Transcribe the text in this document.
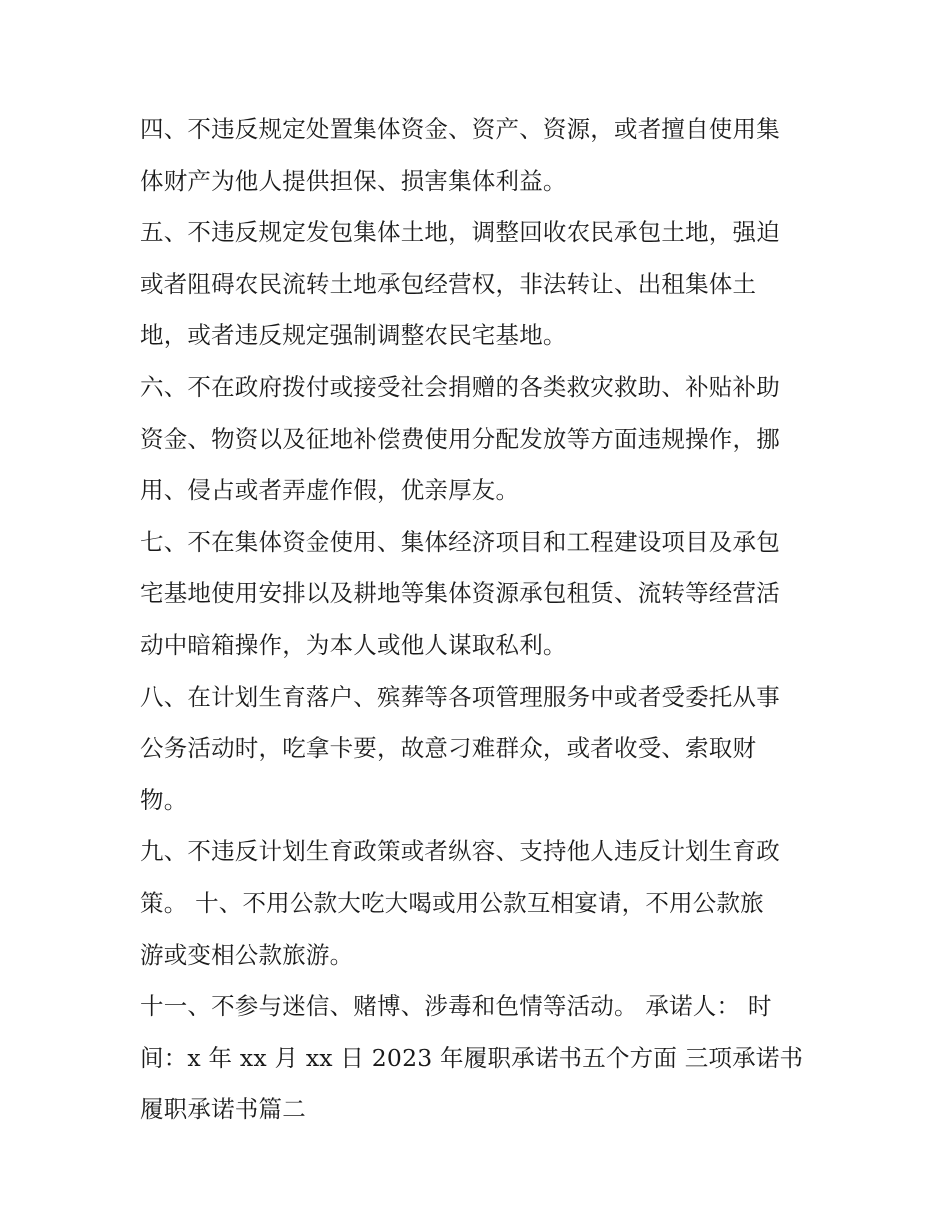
四、不违反规定处置集体资金、资产、资源，或者擅自使用集
体财产为他人提供担保、损害集体利益。
五、不违反规定发包集体土地，调整回收农民承包土地，强迫
或者阻碍农民流转土地承包经营权，非法转让、出租集体土
地，或者违反规定强制调整农民宅基地。
六、不在政府拨付或接受社会捐赠的各类救灾救助、补贴补助
资金、物资以及征地补偿费使用分配发放等方面违规操作，挪
用、侵占或者弄虚作假，优亲厚友。
七、不在集体资金使用、集体经济项目和工程建设项目及承包
宅基地使用安排以及耕地等集体资源承包租赁、流转等经营活
动中暗箱操作，为本人或他人谋取私利。
八、在计划生育落户、殡葬等各项管理服务中或者受委托从事
公务活动时，吃拿卡要，故意刁难群众，或者收受、索取财
物。
九、不违反计划生育政策或者纵容、支持他人违反计划生育政
策。 十、不用公款大吃大喝或用公款互相宴请，不用公款旅
游或变相公款旅游。
十一、不参与迷信、赌博、涉毒和色情等活动。 承诺人： 时
间：x 年 xx 月 xx 日 2023 年履职承诺书五个方面 三项承诺书
履职承诺书篇二
